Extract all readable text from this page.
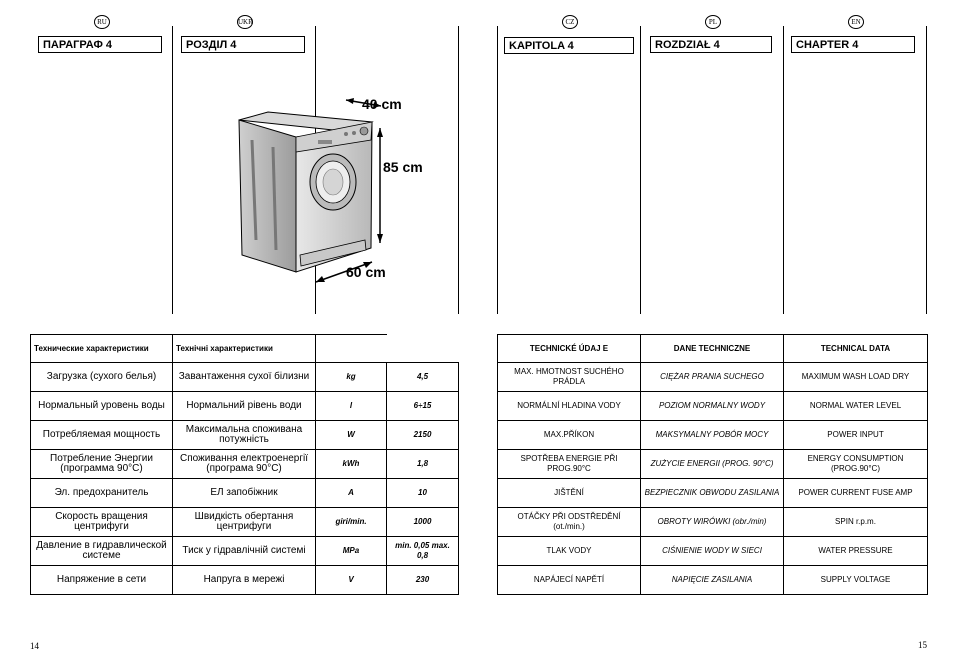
RU	UKR	CZ	PL	EN
ПАРАГРАФ 4	РОЗДІЛ 4	KAPITOLA 4	ROZDZIAŁ 4	CHAPTER 4
40 cm
85 cm
60 cm
Технические характеристики	Технічні характеристики		
Загрузка (сухого белья)	Завантаження сухої білизни	kg	4,5
Нормальный уровень воды	Нормальний рівень води	l	6÷15
Потребляемая мощность	Максимальна споживана потужність	W	2150
Потребление Энергии (программа 90°С)	Споживання електроенергії (програма 90°С)	kWh	1,8
Эл. предохранитель	ЕЛ запобіжник	A	10
Скорость вращения центрифуги	Швидкість обертання центрифуги	giri/min.	1000
Давление в гидравлической системе	Тиск у гідравлічній системі	MPa	min. 0,05 max. 0,8
Напряжение в сети	Напруга в мережі	V	230
TECHNICKÉ ÚDAJ E	DANE TECHNICZNE	TECHNICAL DATA
MAX. HMOTNOST SUCHÉHO PRÁDLA	CIĘŻAR PRANIA SUCHEGO	MAXIMUM WASH LOAD DRY
NORMÁLNÍ HLADINA VODY	POZIOM NORMALNY WODY	NORMAL WATER LEVEL
MAX.PŘÍKON	MAKSYMALNY POBÓR MOCY	POWER INPUT
SPOTŘEBA ENERGIE PŘI PROG.90°C	ZUŻYCIE ENERGII (PROG. 90°C)	ENERGY CONSUMPTION (PROG.90°C)
JIŠTĚNÍ	BEZPIECZNIK OBWODU ZASILANIA	POWER CURRENT FUSE AMP
OTÁČKY PŘI ODSTŘEDĚNÍ (ot./min.)	OBROTY WIRÓWKI (obr./min)	SPIN r.p.m.
TLAK VODY	CIŚNIENIE WODY W SIECI	WATER PRESSURE
NAPÁJECÍ NAPĚTÍ	NAPIĘCIE ZASILANIA	SUPPLY VOLTAGE
14	15
